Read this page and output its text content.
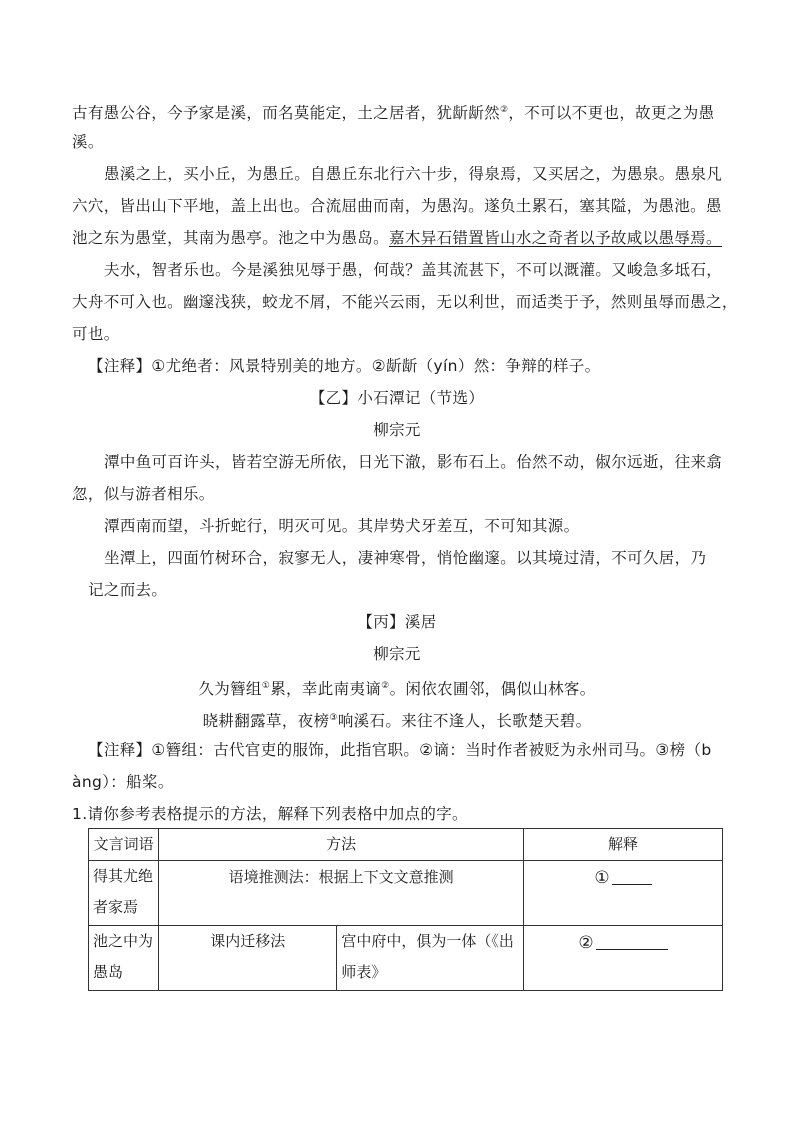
古有愚公谷，今予家是溪，而名莫能定，土之居者，犹龂龂然②，不可以不更也，故更之为愚
溪。
愚溪之上，买小丘，为愚丘。自愚丘东北行六十步，得泉焉，又买居之，为愚泉。愚泉凡
六穴，皆出山下平地，盖上出也。合流屈曲而南，为愚沟。遂负土累石，塞其隘，为愚池。愚
池之东为愚堂，其南为愚亭。池之中为愚岛。嘉木异石错置皆山水之奇者以予故咸以愚辱焉。
夫水，智者乐也。今是溪独见辱于愚，何哉？盖其流甚下，不可以溉灌。又峻急多坻石，
大舟不可入也。幽邃浅狭，蛟龙不屑，不能兴云雨，无以利世，而适类于予，然则虽辱而愚之，
可也。
【注释】①尤绝者：风景特别美的地方。②龂龂（yín）然：争辩的样子。
【乙】小石潭记（节选）
柳宗元
潭中鱼可百许头，皆若空游无所依，日光下澈，影布石上。佁然不动，俶尔远逝，往来翕
忽，似与游者相乐。
潭西南而望，斗折蛇行，明灭可见。其岸势犬牙差互，不可知其源。
坐潭上，四面竹树环合，寂寥无人，凄神寒骨，悄怆幽邃。以其境过清，不可久居，乃
记之而去。
【丙】溪居
柳宗元
久为簪组①累，幸此南夷谪②。闲依农圃邻，偶似山林客。
晓耕翻露草，夜榜③响溪石。来往不逢人，长歌楚天碧。
【注释】①簪组：古代官吏的服饰，此指官职。②谪：当时作者被贬为永州司马。③榜（b
àng）：船桨。
1.请你参考表格提示的方法，解释下列表格中加点的字。
文言词语	方法		解释
得其尤绝者家焉	语境推测法：根据上下文文意推测		①
池之中为愚岛	课内迁移法	宫中府中，俱为一体（《出师表》	②
